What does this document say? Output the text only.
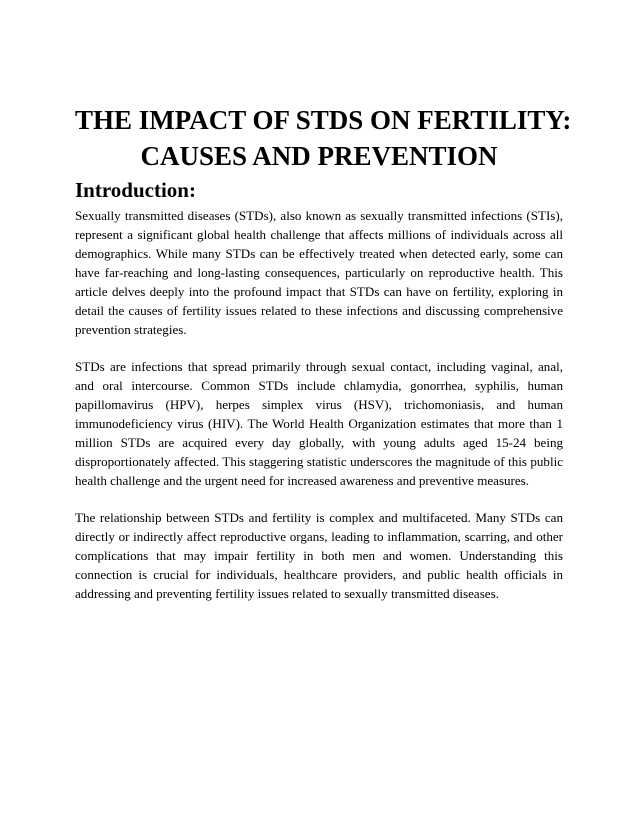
THE IMPACT OF STDS ON FERTILITY:
CAUSES AND PREVENTION
Introduction:

Sexually transmitted diseases (STDs), also known as sexually transmitted infections (STIs), represent a significant global health challenge that affects millions of individuals across all demographics. While many STDs can be effectively treated when detected early, some can have far-reaching and long-lasting consequences, particularly on reproductive health. This article delves deeply into the profound impact that STDs can have on fertility, exploring in detail the causes of fertility issues related to these infections and discussing comprehensive prevention strategies.

STDs are infections that spread primarily through sexual contact, including vaginal, anal, and oral intercourse. Common STDs include chlamydia, gonorrhea, syphilis, human papillomavirus (HPV), herpes simplex virus (HSV), trichomoniasis, and human immunodeficiency virus (HIV). The World Health Organization estimates that more than 1 million STDs are acquired every day globally, with young adults aged 15-24 being disproportionately affected. This staggering statistic underscores the magnitude of this public health challenge and the urgent need for increased awareness and preventive measures.

The relationship between STDs and fertility is complex and multifaceted. Many STDs can directly or indirectly affect reproductive organs, leading to inflammation, scarring, and other complications that may impair fertility in both men and women. Understanding this connection is crucial for individuals, healthcare providers, and public health officials in addressing and preventing fertility issues related to sexually transmitted diseases.
